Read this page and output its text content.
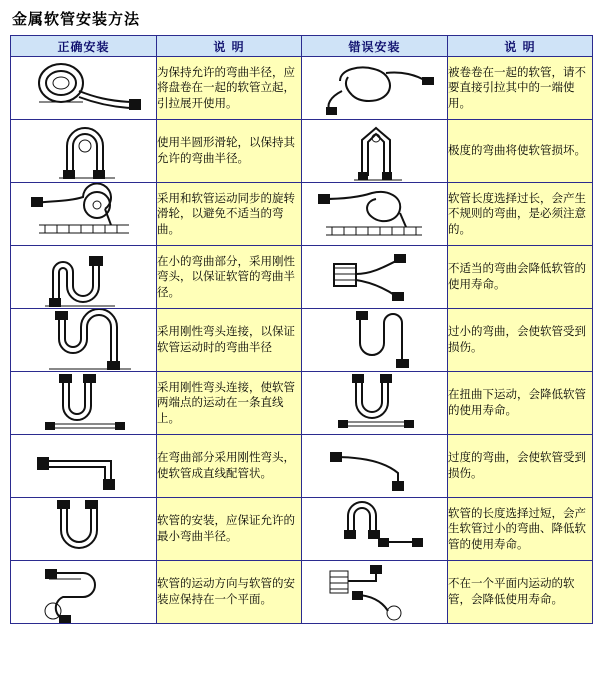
金属软管安装方法
正确安装	说 明	错误安装	说 明

	为保持允许的弯曲半径，应将盘卷在一起的软管立起，引拉展开使用。		被卷卷在一起的软管，请不要直接引拉其中的一端使用。

	使用半圆形滑轮，以保持其允许的弯曲半径。		极度的弯曲将使软管损坏。

	采用和软管运动同步的旋转滑轮，以避免不适当的弯曲。		软管长度选择过长，会产生不规则的弯曲，是必须注意的。

	在小的弯曲部分，采用刚性弯头，以保证软管的弯曲半径。		不适当的弯曲会降低软管的使用寿命。

	采用刚性弯头连接，以保证软管运动时的弯曲半径		过小的弯曲，会使软管受到损伤。

	采用刚性弯头连接，使软管两端点的运动在一条直线上。		在扭曲下运动，会降低软管的使用寿命。

	在弯曲部分采用刚性弯头，使软管成直线配管状。		过度的弯曲，会使软管受到损伤。

	软管的安装，应保证允许的最小弯曲半径。		软管的长度选择过短，会产生软管过小的弯曲、降低软管的使用寿命。

	软管的运动方向与软管的安装应保持在一个平面。		不在一个平面内运动的软管，会降低使用寿命。
